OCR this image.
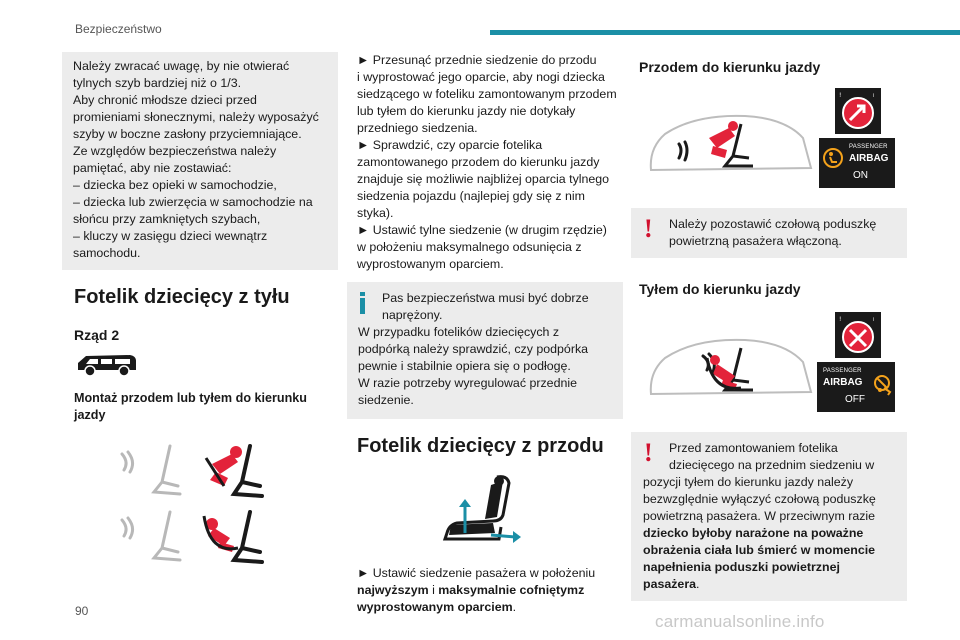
Bezpieczeństwo

Należy zwracać uwagę, by nie otwierać

tylnych szyb bardziej niż o 1/3.

Aby chronić młodsze dzieci przed

promieniami słonecznymi, należy wyposażyć

szyby w boczne zasłony przyciemniające.

Ze względów bezpieczeństwa należy

pamiętać, aby nie zostawiać:

– dziecka bez opieki w samochodzie,

– dziecka lub zwierzęcia w samochodzie na

słońcu przy zamkniętych szybach,

– kluczy w zasięgu dzieci wewnątrz

samochodu.

Fotelik dziecięcy z tyłu
Rząd 2
Montaż przodem lub tyłem do kierunku
jazdy
► Przesunąć przednie siedzenie do przodu
i wyprostować jego oparcie, aby nogi dziecka
siedzącego w foteliku zamontowanym przodem
lub tyłem do kierunku jazdy nie dotykały
przedniego siedzenia.
► Sprawdzić, czy oparcie fotelika
zamontowanego przodem do kierunku jazdy
znajduje się możliwie najbliżej oparcia tylnego
siedzenia pojazdu (najlepiej gdy się z nim styka).
► Ustawić tylne siedzenie (w drugim rzędzie)
w położeniu maksymalnego odsunięcia z
wyprostowanym oparciem.
Pas bezpieczeństwa musi być dobrze
naprężony.
W przypadku fotelików dziecięcych z
podpórką należy sprawdzić, czy podpórka
pewnie i stabilnie opiera się o podłogę.
W razie potrzeby wyregulować przednie
siedzenie.
Fotelik dziecięcy z przodu
► Ustawić siedzenie pasażera w położeniu
najwyższym i maksymalnie cofniętymz
wyprostowanym oparciem.
Przodem do kierunku jazdy
!	i
PASSENGER
AIRBAG
ON
! Należy pozostawić czołową poduszkę
powietrzną pasażera włączoną.
Tyłem do kierunku jazdy
!	i
PASSENGER
AIRBAG
OFF
! Przed zamontowaniem fotelika
dziecięcego na przednim siedzeniu w
pozycji tyłem do kierunku jazdy należy
bezwzględnie wyłączyć czołową poduszkę
powietrzną pasażera. W przeciwnym razie
dziecko byłoby narażone na poważne
obrażenia ciała lub śmierć w momencie
napełnienia poduszki powietrznej
pasażera.
90
carmanualsonline.info
